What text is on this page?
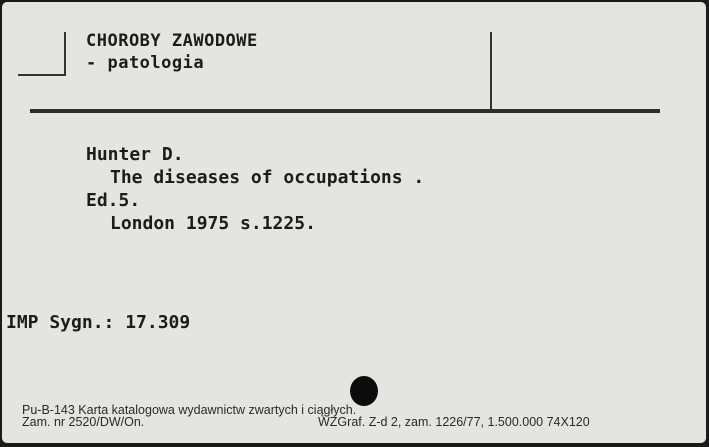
CHOROBY ZAWODOWE
- patologia
Hunter D.
The diseases of occupations .
Ed.5.
London 1975 s.1225.
IMP Sygn.: 17.309
Pu-B-143 Karta katalogowa wydawnictw zwartych i ciągłych.
Zam. nr 2520/DW/On.	WZGraf. Z-d 2, zam. 1226/77, 1.500.000 74X120
